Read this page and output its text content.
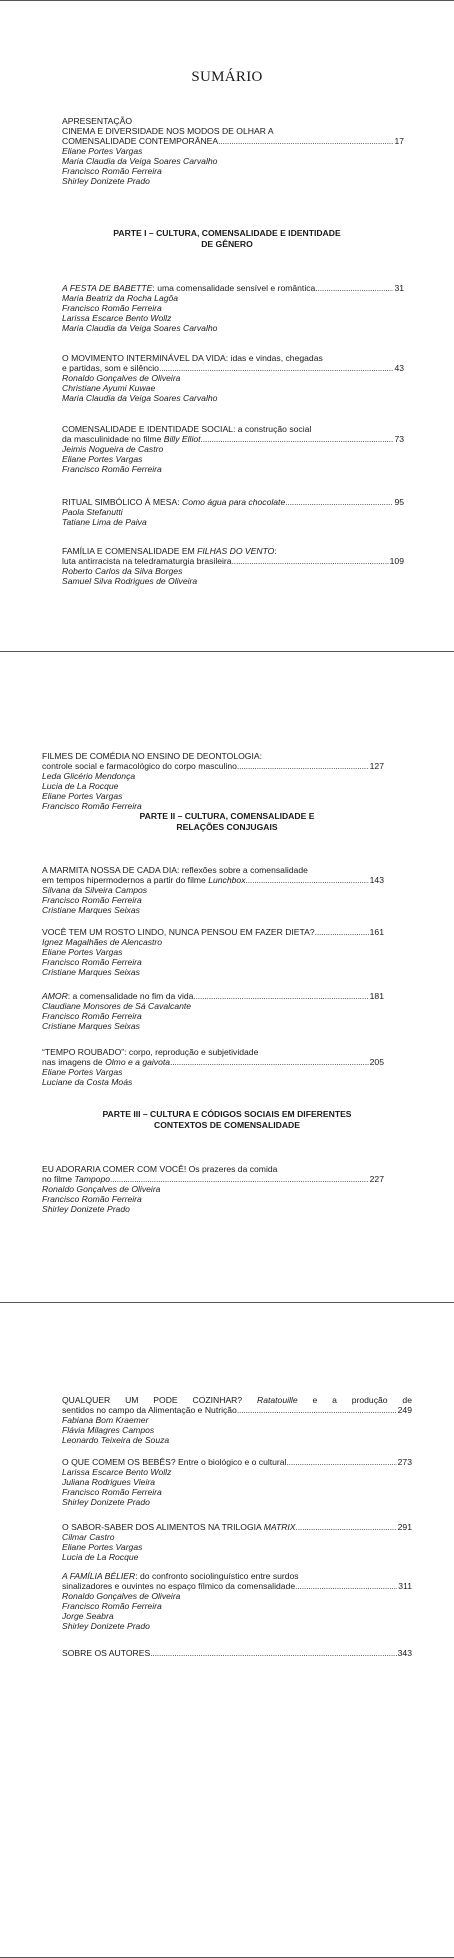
SUMÁRIO
APRESENTAÇÃO
CINEMA E DIVERSIDADE NOS MODOS DE OLHAR A
COMENSALIDADE CONTEMPORÂNEA .....	17
Eliane Portes Vargas
Maria Claudia da Veiga Soares Carvalho
Francisco Romão Ferreira
Shirley Donizete Prado
PARTE I – CULTURA, COMENSALIDADE E IDENTIDADE
DE GÊNERO
A FESTA DE BABETTE: uma comensalidade sensível e romântica .....	31
Maria Beatriz da Rocha Lagôa
Francisco Romão Ferreira
Larissa Escarce Bento Wollz
Maria Claudia da Veiga Soares Carvalho
O MOVIMENTO INTERMINÁVEL DA VIDA: idas e vindas, chegadas
e partidas, som e silêncio .....	43
Ronaldo Gonçalves de Oliveira
Christiane Ayumi Kuwae
Maria Claudia da Veiga Soares Carvalho
COMENSALIDADE E IDENTIDADE SOCIAL: a construção social
da masculinidade no filme Billy Elliot .....	73
Jeimis Nogueira de Castro
Eliane Portes Vargas
Francisco Romão Ferreira
RITUAL SIMBÓLICO À MESA: Como água para chocolate .....	95
Paola Stefanutti
Tatiane Lima de Paiva
FAMÍLIA E COMENSALIDADE EM FILHAS DO VENTO:
luta antirracista na teledramaturgia brasileira .....	109
Roberto Carlos da Silva Borges
Samuel Silva Rodrigues de Oliveira
FILMES DE COMÉDIA NO ENSINO DE DEONTOLOGIA:
controle social e farmacológico do corpo masculino .....	127
Leda Glicério Mendonça
Lucia de La Rocque
Eliane Portes Vargas
Francisco Romão Ferreira
PARTE II – CULTURA, COMENSALIDADE E
RELAÇÕES CONJUGAIS
A MARMITA NOSSA DE CADA DIA: reflexões sobre a comensalidade
em tempos hipermodernos a partir do filme Lunchbox .....	143
Silvana da Silveira Campos
Francisco Romão Ferreira
Cristiane Marques Seixas
VOCÊ TEM UM ROSTO LINDO, NUNCA PENSOU EM FAZER DIETA? .....	161
Ignez Magalhães de Alencastro
Eliane Portes Vargas
Francisco Romão Ferreira
Cristiane Marques Seixas
AMOR: a comensalidade no fim da vida .....	181
Claudiane Monsores de Sá Cavalcante
Francisco Romão Ferreira
Cristiane Marques Seixas
“TEMPO ROUBADO”: corpo, reprodução e subjetividade
nas imagens de Olmo e a gaivota .....	205
Eliane Portes Vargas
Luciane da Costa Moás
PARTE III – CULTURA E CÓDIGOS SOCIAIS EM DIFERENTES
CONTEXTOS DE COMENSALIDADE
EU ADORARIA COMER COM VOCÊ! Os prazeres da comida
no filme Tampopo .....	227
Ronaldo Gonçalves de Oliveira
Francisco Romão Ferreira
Shirley Donizete Prado
QUALQUER UM PODE COZINHAR? Ratatouille e a produção de
sentidos no campo da Alimentação e Nutrição .....	249
Fabiana Bom Kraemer
Flávia Milagres Campos
Leonardo Teixeira de Souza
O QUE COMEM OS BEBÊS? Entre o biológico e o cultural .....	273
Larissa Escarce Bento Wollz
Juliana Rodrigues Vieira
Francisco Romão Ferreira
Shirley Donizete Prado
O SABOR-SABER DOS ALIMENTOS NA TRILOGIA MATRIX .....	291
Cilmar Castro
Eliane Portes Vargas
Lucia de La Rocque
A FAMÍLIA BÉLIER: do confronto sociolinguístico entre surdos
sinalizadores e ouvintes no espaço fílmico da comensalidade .....	311
Ronaldo Gonçalves de Oliveira
Francisco Romão Ferreira
Jorge Seabra
Shirley Donizete Prado
SOBRE OS AUTORES .....	343
